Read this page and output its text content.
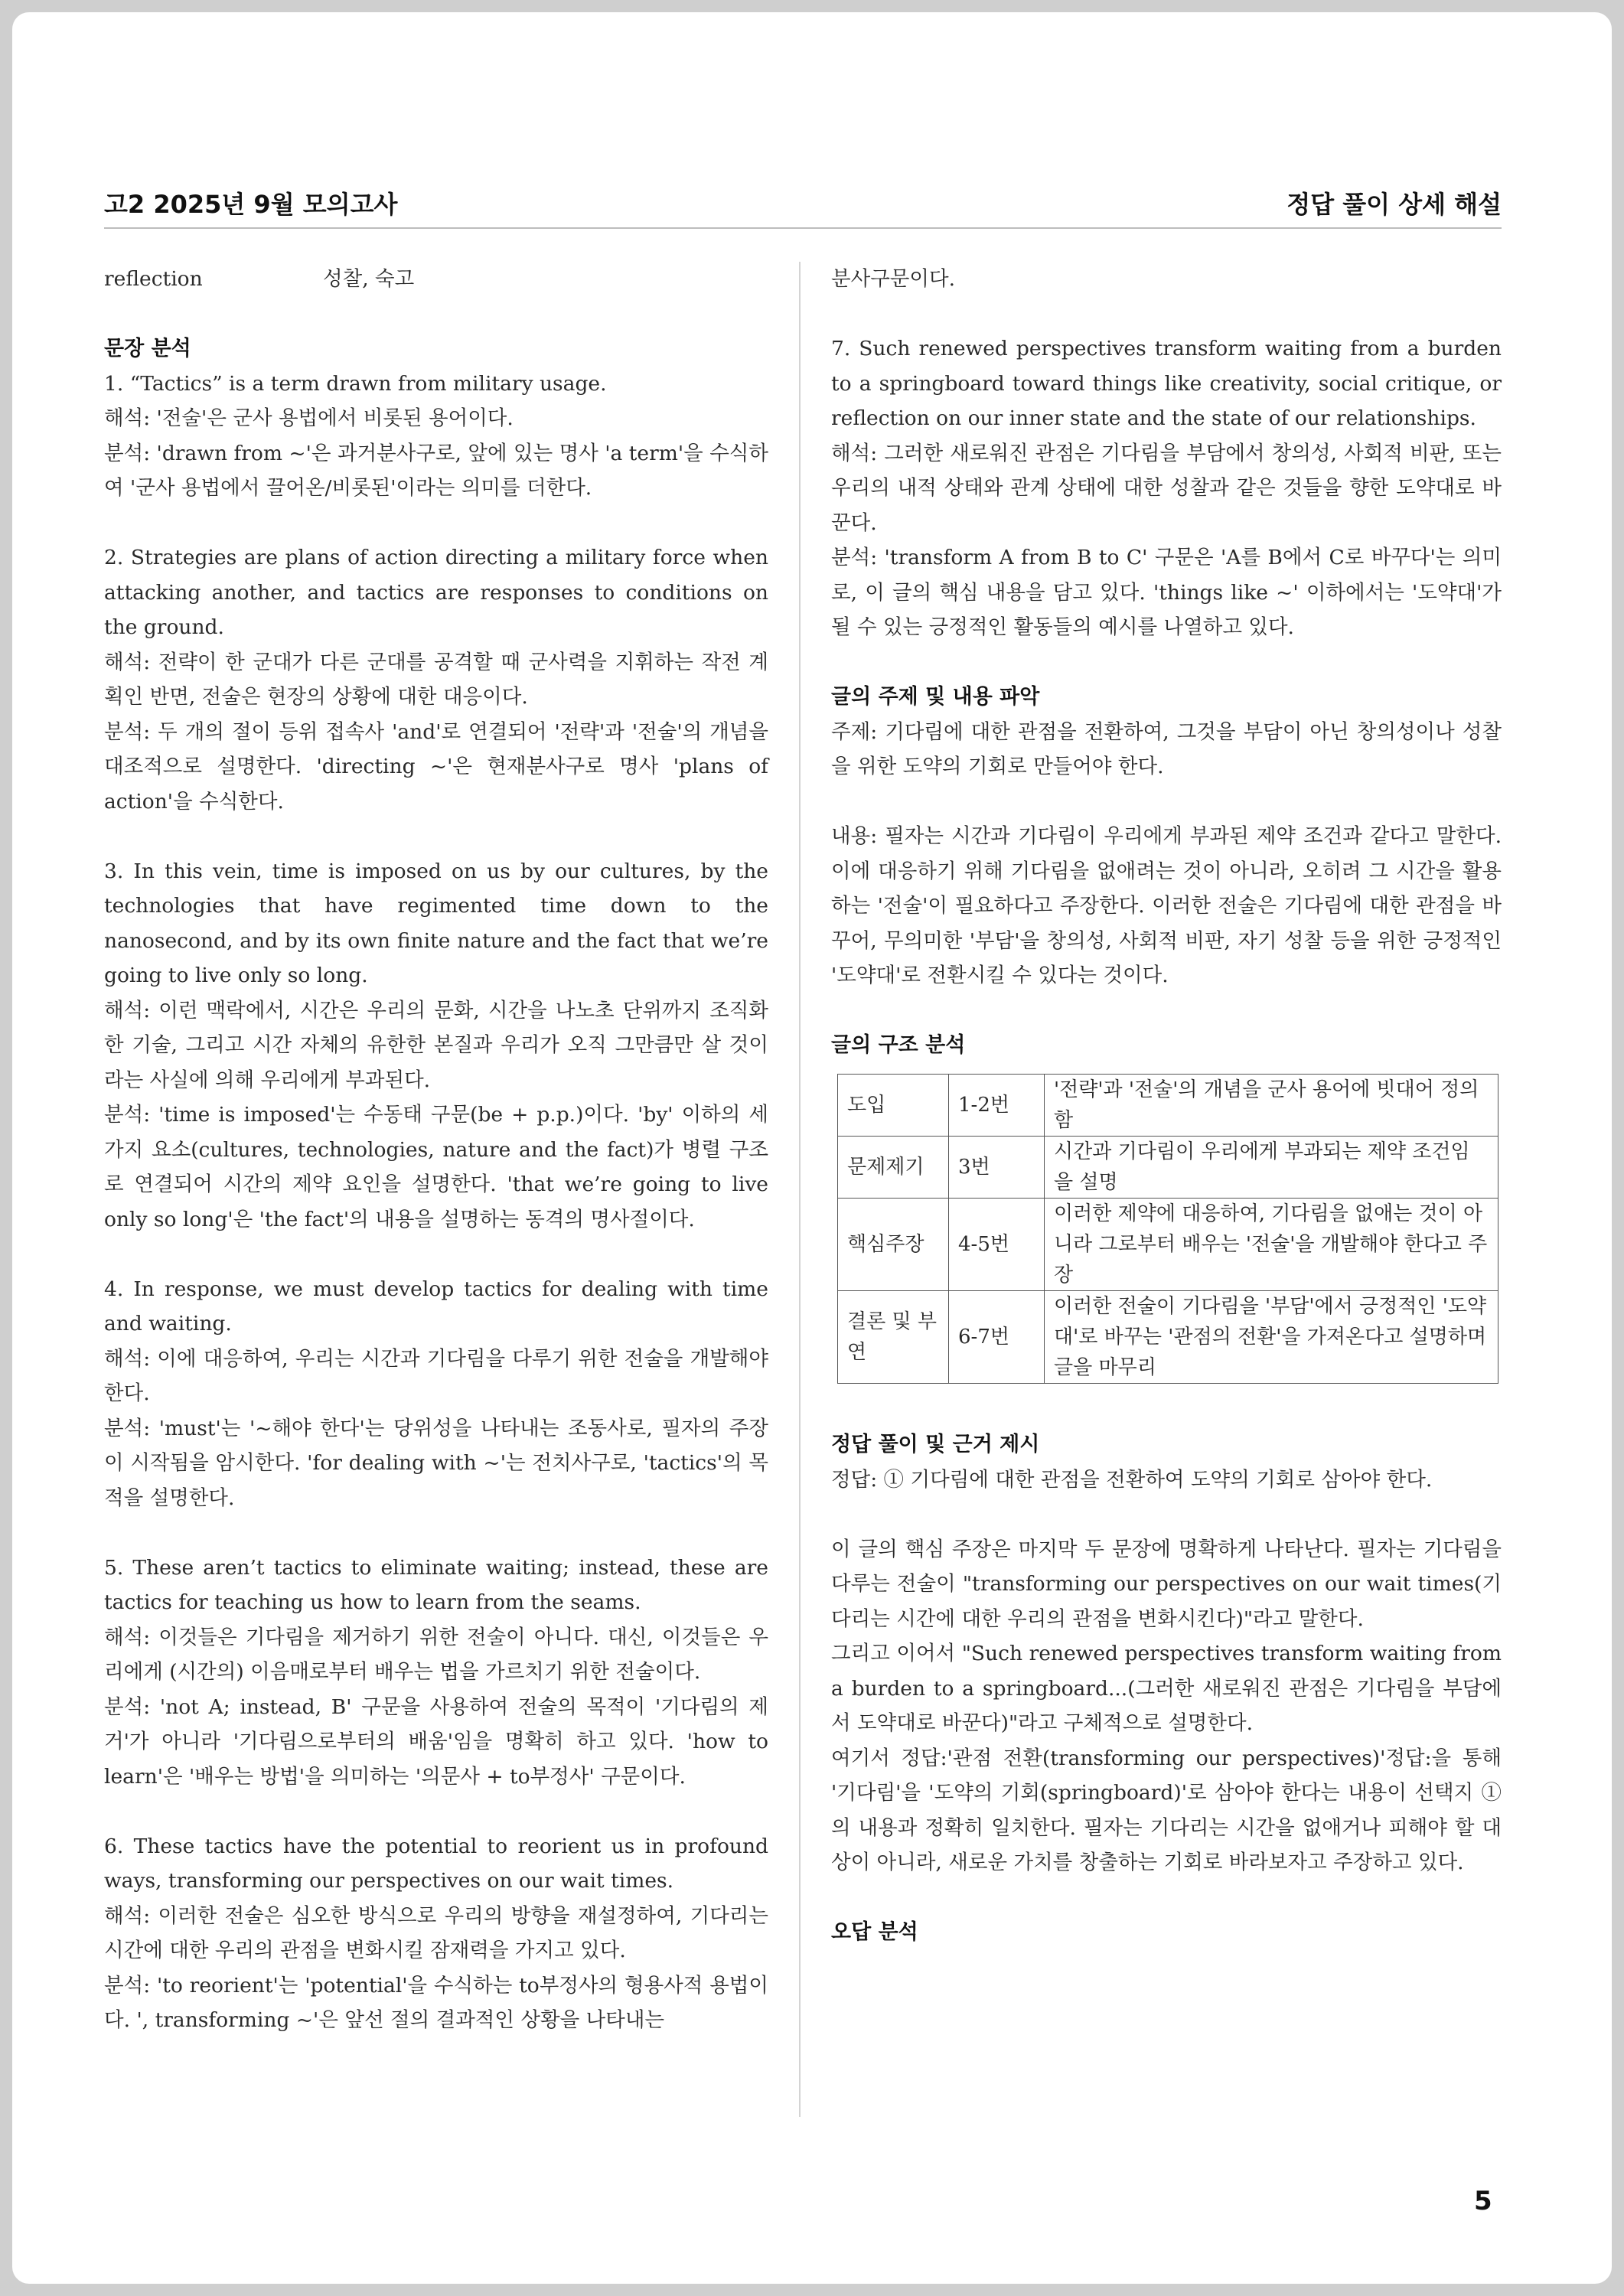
고2 2025년 9월 모의고사	정답 풀이 상세 해설
reflection	성찰, 숙고

문장 분석

1. “Tactics” is a term drawn from military usage.

해석: '전술'은 군사 용법에서 비롯된 용어이다.

분석: 'drawn from ~'은 과거분사구로, 앞에 있는 명사 'a term'을 수식하여 '군사 용법에서 끌어온/비롯된'이라는 의미를 더한다.

2. Strategies are plans of action directing a military force when attacking another, and tactics are responses to conditions on the ground.

해석: 전략이 한 군대가 다른 군대를 공격할 때 군사력을 지휘하는 작전 계획인 반면, 전술은 현장의 상황에 대한 대응이다.

분석: 두 개의 절이 등위 접속사 'and'로 연결되어 '전략'과 '전술'의 개념을 대조적으로 설명한다. 'directing ~'은 현재분사구로 명사 'plans of action'을 수식한다.

3. In this vein, time is imposed on us by our cultures, by the technologies that have regimented time down to the nanosecond, and by its own finite nature and the fact that we’re going to live only so long.

해석: 이런 맥락에서, 시간은 우리의 문화, 시간을 나노초 단위까지 조직화한 기술, 그리고 시간 자체의 유한한 본질과 우리가 오직 그만큼만 살 것이라는 사실에 의해 우리에게 부과된다.

분석: 'time is imposed'는 수동태 구문(be + p.p.)이다. 'by' 이하의 세 가지 요소(cultures, technologies, nature and the fact)가 병렬 구조로 연결되어 시간의 제약 요인을 설명한다. 'that we’re going to live only so long'은 'the fact'의 내용을 설명하는 동격의 명사절이다.

4. In response, we must develop tactics for dealing with time and waiting.

해석: 이에 대응하여, 우리는 시간과 기다림을 다루기 위한 전술을 개발해야 한다.

분석: 'must'는 '~해야 한다'는 당위성을 나타내는 조동사로, 필자의 주장이 시작됨을 암시한다. 'for dealing with ~'는 전치사구로, 'tactics'의 목적을 설명한다.

5. These aren’t tactics to eliminate waiting; instead, these are tactics for teaching us how to learn from the seams.

해석: 이것들은 기다림을 제거하기 위한 전술이 아니다. 대신, 이것들은 우리에게 (시간의) 이음매로부터 배우는 법을 가르치기 위한 전술이다.

분석: 'not A; instead, B' 구문을 사용하여 전술의 목적이 '기다림의 제거'가 아니라 '기다림으로부터의 배움'임을 명확히 하고 있다. 'how to learn'은 '배우는 방법'을 의미하는 '의문사 + to부정사' 구문이다.

6. These tactics have the potential to reorient us in profound ways, transforming our perspectives on our wait times.

해석: 이러한 전술은 심오한 방식으로 우리의 방향을 재설정하여, 기다리는 시간에 대한 우리의 관점을 변화시킬 잠재력을 가지고 있다.

분석: 'to reorient'는 'potential'을 수식하는 to부정사의 형용사적 용법이다. ', transforming ~'은 앞선 절의 결과적인 상황을 나타내는

분사구문이다.

7. Such renewed perspectives transform waiting from a burden to a springboard toward things like creativity, social critique, or reflection on our inner state and the state of our relationships.

해석: 그러한 새로워진 관점은 기다림을 부담에서 창의성, 사회적 비판, 또는 우리의 내적 상태와 관계 상태에 대한 성찰과 같은 것들을 향한 도약대로 바꾼다.

분석: 'transform A from B to C' 구문은 'A를 B에서 C로 바꾸다'는 의미로, 이 글의 핵심 내용을 담고 있다. 'things like ~' 이하에서는 '도약대'가 될 수 있는 긍정적인 활동들의 예시를 나열하고 있다.

글의 주제 및 내용 파악

주제: 기다림에 대한 관점을 전환하여, 그것을 부담이 아닌 창의성이나 성찰을 위한 도약의 기회로 만들어야 한다.

내용: 필자는 시간과 기다림이 우리에게 부과된 제약 조건과 같다고 말한다. 이에 대응하기 위해 기다림을 없애려는 것이 아니라, 오히려 그 시간을 활용하는 '전술'이 필요하다고 주장한다. 이러한 전술은 기다림에 대한 관점을 바꾸어, 무의미한 '부담'을 창의성, 사회적 비판, 자기 성찰 등을 위한 긍정적인 '도약대'로 전환시킬 수 있다는 것이다.

글의 구조 분석

도입	1-2번	'전략'과 '전술'의 개념을 군사 용어에 빗대어 정의함
문제제기	3번	시간과 기다림이 우리에게 부과되는 제약 조건임을 설명
핵심주장	4-5번	이러한 제약에 대응하여, 기다림을 없애는 것이 아니라 그로부터 배우는 '전술'을 개발해야 한다고 주장
결론 및 부연	6-7번	이러한 전술이 기다림을 '부담'에서 긍정적인 '도약대'로 바꾸는 '관점의 전환'을 가져온다고 설명하며 글을 마무리

정답 풀이 및 근거 제시

정답: ① 기다림에 대한 관점을 전환하여 도약의 기회로 삼아야 한다.

이 글의 핵심 주장은 마지막 두 문장에 명확하게 나타난다. 필자는 기다림을 다루는 전술이 "transforming our perspectives on our wait times(기다리는 시간에 대한 우리의 관점을 변화시킨다)"라고 말한다.

그리고 이어서 "Such renewed perspectives transform waiting from a burden to a springboard...(그러한 새로워진 관점은 기다림을 부담에서 도약대로 바꾼다)"라고 구체적으로 설명한다.

여기서 정답:'관점 전환(transforming our perspectives)'정답:을 통해 '기다림'을 '도약의 기회(springboard)'로 삼아야 한다는 내용이 선택지 ①의 내용과 정확히 일치한다. 필자는 기다리는 시간을 없애거나 피해야 할 대상이 아니라, 새로운 가치를 창출하는 기회로 바라보자고 주장하고 있다.

오답 분석

5
